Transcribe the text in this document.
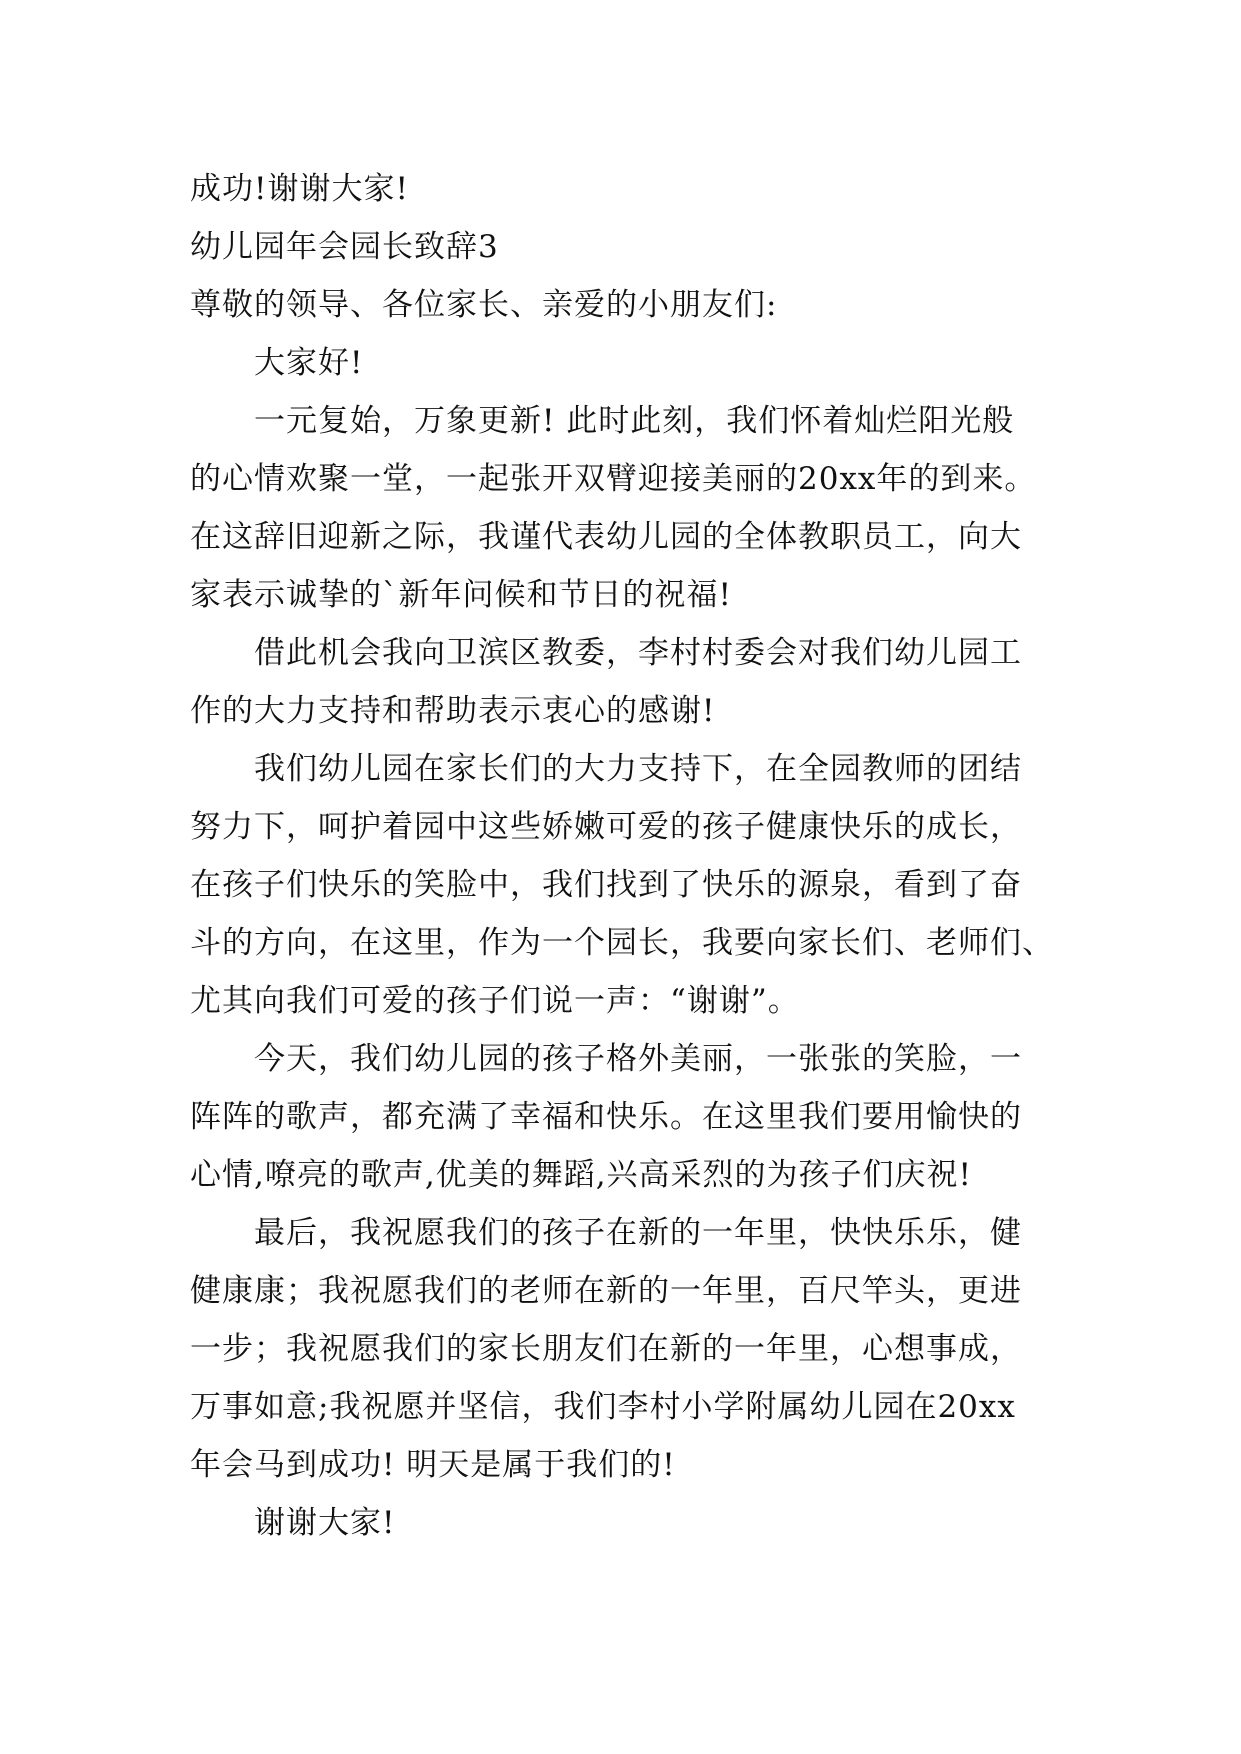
成功!谢谢大家!
幼儿园年会园长致辞3
尊敬的领导、各位家长、亲爱的小朋友们:
大家好!
一元复始，万象更新! 此时此刻，我们怀着灿烂阳光般
的心情欢聚一堂，一起张开双臂迎接美丽的20xx年的到来。
在这辞旧迎新之际，我谨代表幼儿园的全体教职员工，向大
家表示诚挚的`新年问候和节日的祝福!
借此机会我向卫滨区教委，李村村委会对我们幼儿园工
作的大力支持和帮助表示衷心的感谢!
我们幼儿园在家长们的大力支持下，在全园教师的团结
努力下，呵护着园中这些娇嫩可爱的孩子健康快乐的成长，
在孩子们快乐的笑脸中，我们找到了快乐的源泉，看到了奋
斗的方向，在这里，作为一个园长，我要向家长们、老师们、
尤其向我们可爱的孩子们说一声：“谢谢”。
今天，我们幼儿园的孩子格外美丽，一张张的笑脸，一
阵阵的歌声，都充满了幸福和快乐。在这里我们要用愉快的
心情,嘹亮的歌声,优美的舞蹈,兴高采烈的为孩子们庆祝!
最后，我祝愿我们的孩子在新的一年里，快快乐乐，健
健康康；我祝愿我们的老师在新的一年里，百尺竿头，更进
一步；我祝愿我们的家长朋友们在新的一年里，心想事成，
万事如意;我祝愿并坚信，我们李村小学附属幼儿园在20xx
年会马到成功! 明天是属于我们的!
谢谢大家!
